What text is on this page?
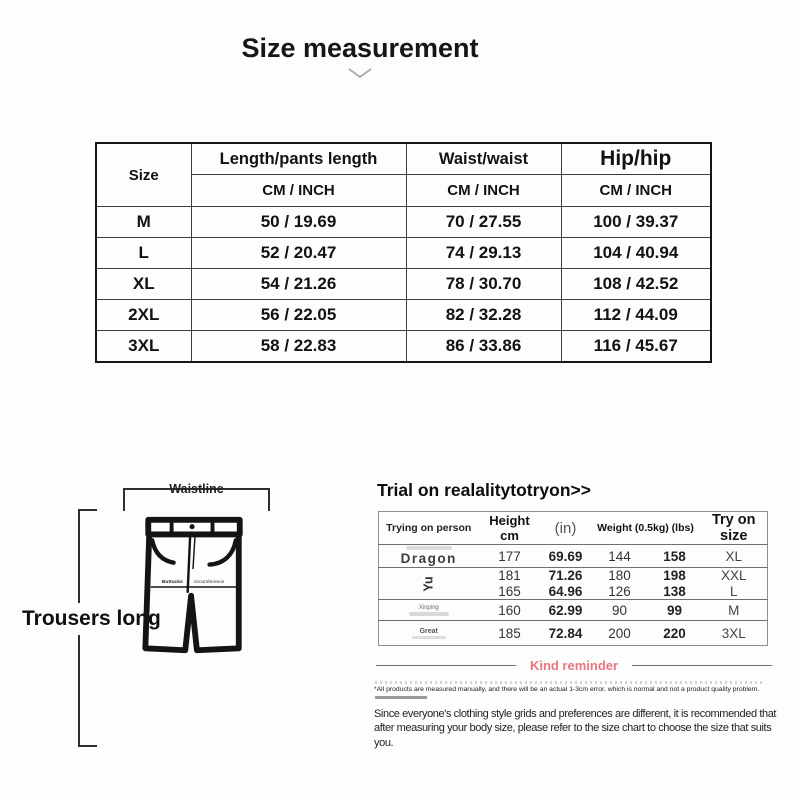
Size measurement
Size	Length/pants length	Waist/waist	Hip/hip
	CM / INCH	CM / INCH	CM / INCH
M	50 / 19.69	70 / 27.55	100 / 39.37
L	52 / 20.47	74 / 29.13	104 / 40.94
XL	54 / 21.26	78 / 30.70	108 / 42.52
2XL	56 / 22.05	82 / 32.28	112 / 44.09
3XL	58 / 22.83	86 / 33.86	116 / 45.67
Waistline
Trousers long
Buttocks circumference
Trial on realalitytotryon>>
Trying on person	Height cm	(in)	Weight (0.5kg) (lbs)		Try on size
Dragon	177	69.69	144	158	XL
Yu	181	71.26	180	198	XXL
	165	64.96	126	138	L

Xinping	160	62.99	90	99	M

Great	185	72.84	200	220	3XL
Kind reminder

*All products are measured manually, and there will be an actual 1-3cm error, which is normal and not a product quality problem.

Since everyone's clothing style grids and preferences are different, it is recommended that after measuring your body size, please refer to the size chart to choose the size that suits you.
